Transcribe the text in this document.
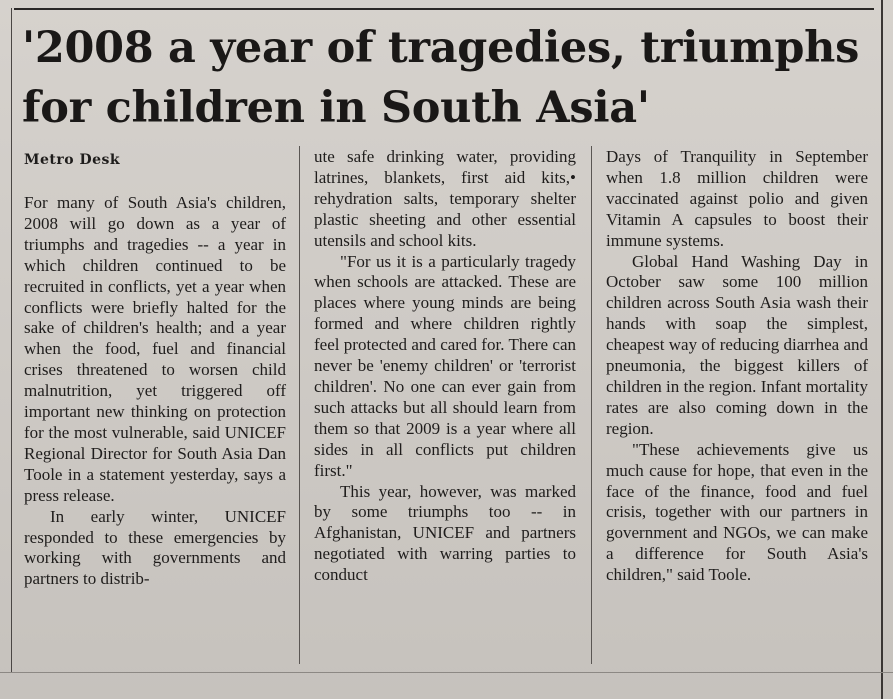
'2008 a year of tragedies, triumphs
for children in South Asia'
Metro Desk

For many of South Asia's children, 2008 will go down as a year of triumphs and tragedies -- a year in which children continued to be recruited in conflicts, yet a year when conflicts were briefly halted for the sake of children's health; and a year when the food, fuel and financial crises threatened to worsen child malnutrition, yet triggered off important new thinking on protection for the most vulnerable, said UNICEF Regional Director for South Asia Dan Toole in a statement yesterday, says a press release.

In early winter, UNICEF responded to these emergencies by working with governments and partners to distrib-

ute safe drinking water, providing latrines, blankets, first aid kits,• rehydration salts, temporary shelter plastic sheeting and other essential utensils and school kits.

"For us it is a particularly tragedy when schools are attacked. These are places where young minds are being formed and where children rightly feel protected and cared for. There can never be 'enemy children' or 'terrorist children'. No one can ever gain from such attacks but all should learn from them so that 2009 is a year where all sides in all conflicts put children first."

This year, however, was marked by some triumphs too -- in Afghanistan, UNICEF and partners negotiated with warring parties to conduct

Days of Tranquility in September when 1.8 million children were vaccinated against polio and given Vitamin A capsules to boost their immune systems.

Global Hand Washing Day in October saw some 100 million children across South Asia wash their hands with soap the simplest, cheapest way of reducing diarrhea and pneumonia, the biggest killers of children in the region. Infant mortality rates are also coming down in the region.

"These achievements give us much cause for hope, that even in the face of the finance, food and fuel crisis, together with our partners in government and NGOs, we can make a difference for South Asia's children," said Toole.
